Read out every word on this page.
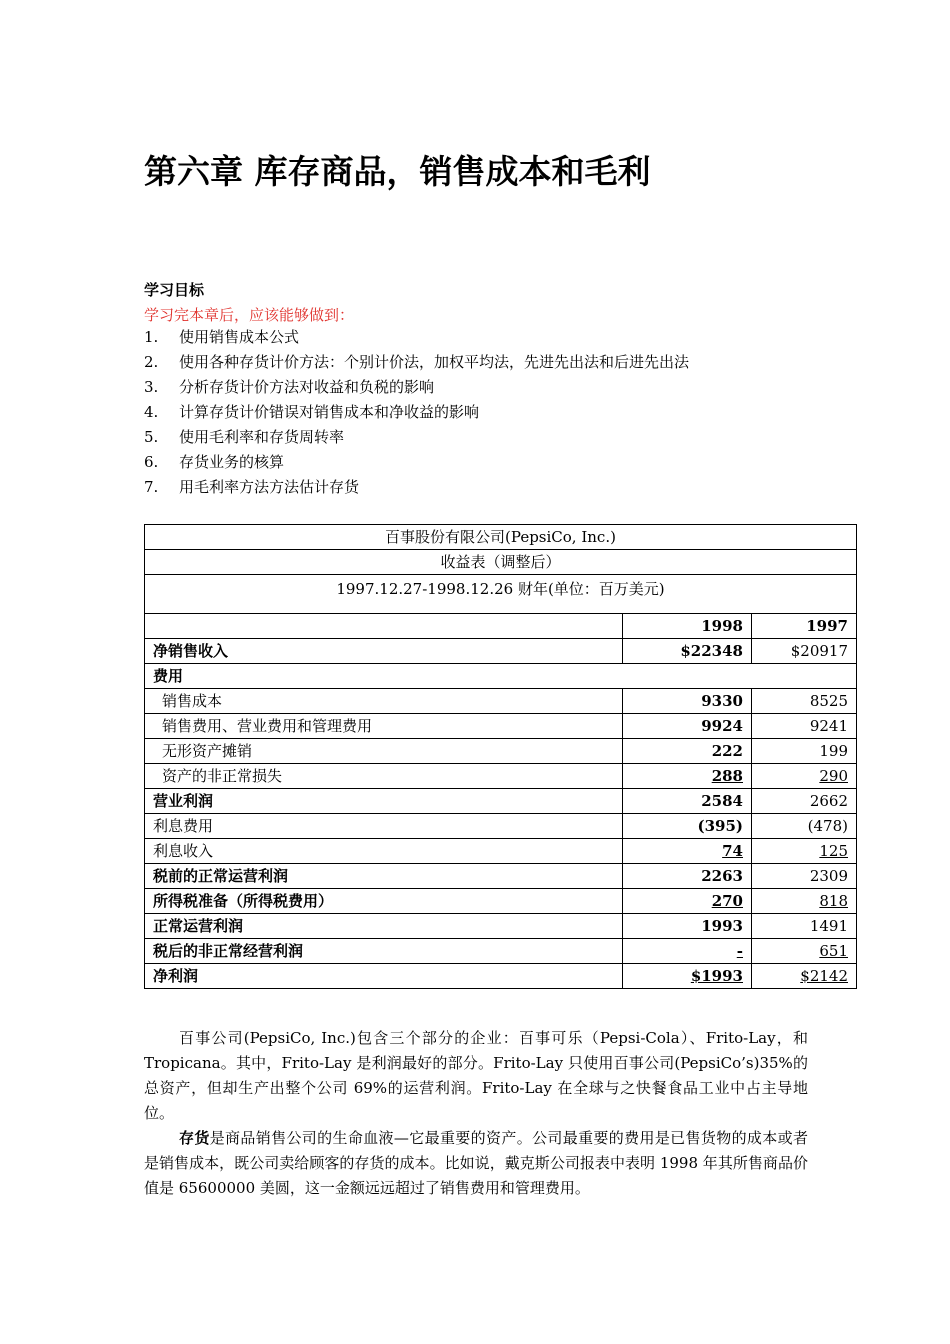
第六章 库存商品，销售成本和毛利
学习目标
学习完本章后，应该能够做到：
1. 使用销售成本公式
2. 使用各种存货计价方法：个别计价法，加权平均法，先进先出法和后进先出法
3. 分析存货计价方法对收益和负税的影响
4. 计算存货计价错误对销售成本和净收益的影响
5. 使用毛利率和存货周转率
6. 存货业务的核算
7. 用毛利率方法方法估计存货
百事股份有限公司(PepsiCo, Inc.)		
收益表（调整后）		
1997.12.27-1998.12.26 财年(单位：百万美元)		
	1998	1997
净销售收入	$22348	$20917
费用		
销售成本	9330	8525
销售费用、营业费用和管理费用	9924	9241
无形资产摊销	222	199
资产的非正常损失	288	290
营业利润	2584	2662
利息费用	(395)	(478)
利息收入	74	125
税前的正常运营利润	2263	2309
所得税准备（所得税费用）	270	818
正常运营利润	1993	1491
税后的非正常经营利润	-	651
净利润	$1993	$2142

百事公司(PepsiCo, Inc.)包含三个部分的企业：百事可乐（Pepsi-Cola）、Frito-Lay，和 Tropicana。其中，Frito-Lay 是利润最好的部分。Frito-Lay 只使用百事公司(PepsiCo’s)35%的总资产，但却生产出整个公司 69%的运营利润。Frito-Lay 在全球与之快餐食品工业中占主导地位。

存货是商品销售公司的生命血液—它最重要的资产。公司最重要的费用是已售货物的成本或者是销售成本，既公司卖给顾客的存货的成本。比如说，戴克斯公司报表中表明 1998 年其所售商品价值是 65600000 美圆，这一金额远远超过了销售费用和管理费用。
